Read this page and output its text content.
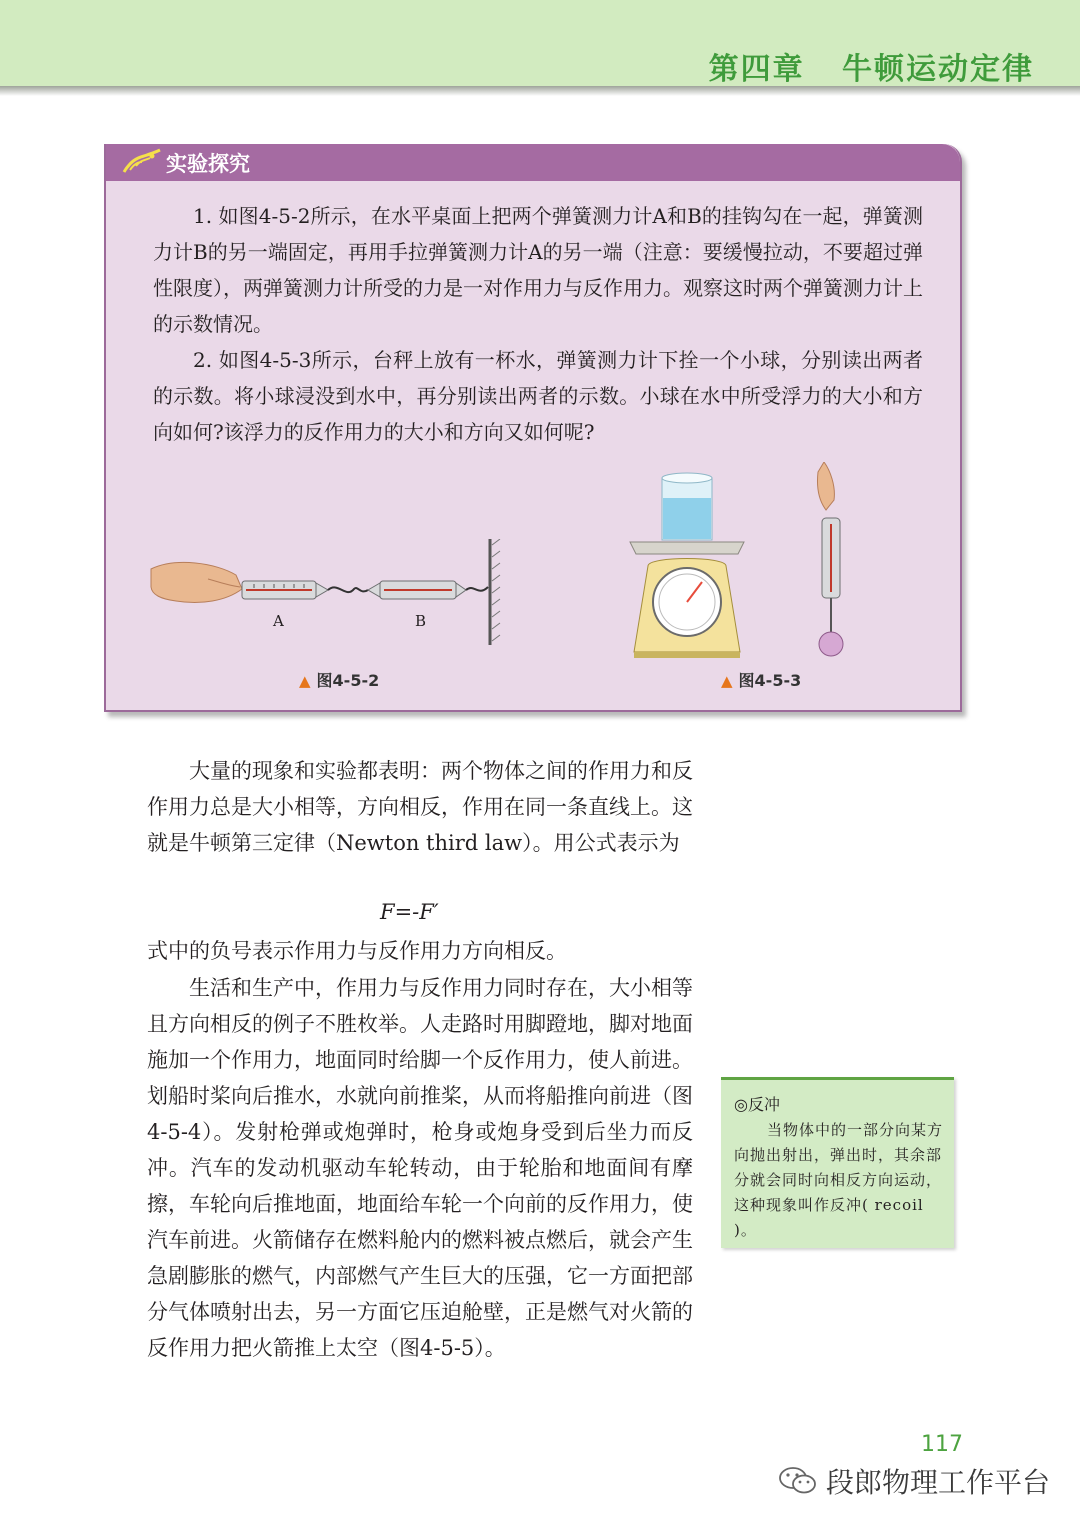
第四章   牛顿运动定律
实验探究

1. 如图4-5-2所示，在水平桌面上把两个弹簧测力计A和B的挂钩勾在一起，弹簧测力计B的另一端固定，再用手拉弹簧测力计A的另一端（注意：要缓慢拉动，不要超过弹性限度），两弹簧测力计所受的力是一对作用力与反作用力。观察这时两个弹簧测力计上的示数情况。

2. 如图4-5-3所示，台秤上放有一杯水，弹簧测力计下拴一个小球，分别读出两者的示数。将小球浸没到水中，再分别读出两者的示数。小球在水中所受浮力的大小和方向如何?该浮力的反作用力的大小和方向又如何呢?

A	B
▲ 图4-5-2	▲ 图4-5-3

大量的现象和实验都表明：两个物体之间的作用力和反作用力总是大小相等，方向相反，作用在同一条直线上。这就是牛顿第三定律（Newton third law）。用公式表示为

F=-F′

式中的负号表示作用力与反作用力方向相反。

生活和生产中，作用力与反作用力同时存在，大小相等且方向相反的例子不胜枚举。人走路时用脚蹬地，脚对地面施加一个作用力，地面同时给脚一个反作用力，使人前进。划船时桨向后推水，水就向前推桨，从而将船推向前进（图4-5-4）。发射枪弹或炮弹时，枪身或炮身受到后坐力而反冲。汽车的发动机驱动车轮转动，由于轮胎和地面间有摩擦，车轮向后推地面，地面给车轮一个向前的反作用力，使汽车前进。火箭储存在燃料舱内的燃料被点燃后，就会产生急剧膨胀的燃气，内部燃气产生巨大的压强，它一方面把部分气体喷射出去，另一方面它压迫舱壁，正是燃气对火箭的反作用力把火箭推上太空（图4-5-5）。

◎反冲

当物体中的一部分向某方向抛出射出，弹出时，其余部分就会同时向相反方向运动，这种现象叫作反冲( recoil )。

117
段郎物理工作平台
